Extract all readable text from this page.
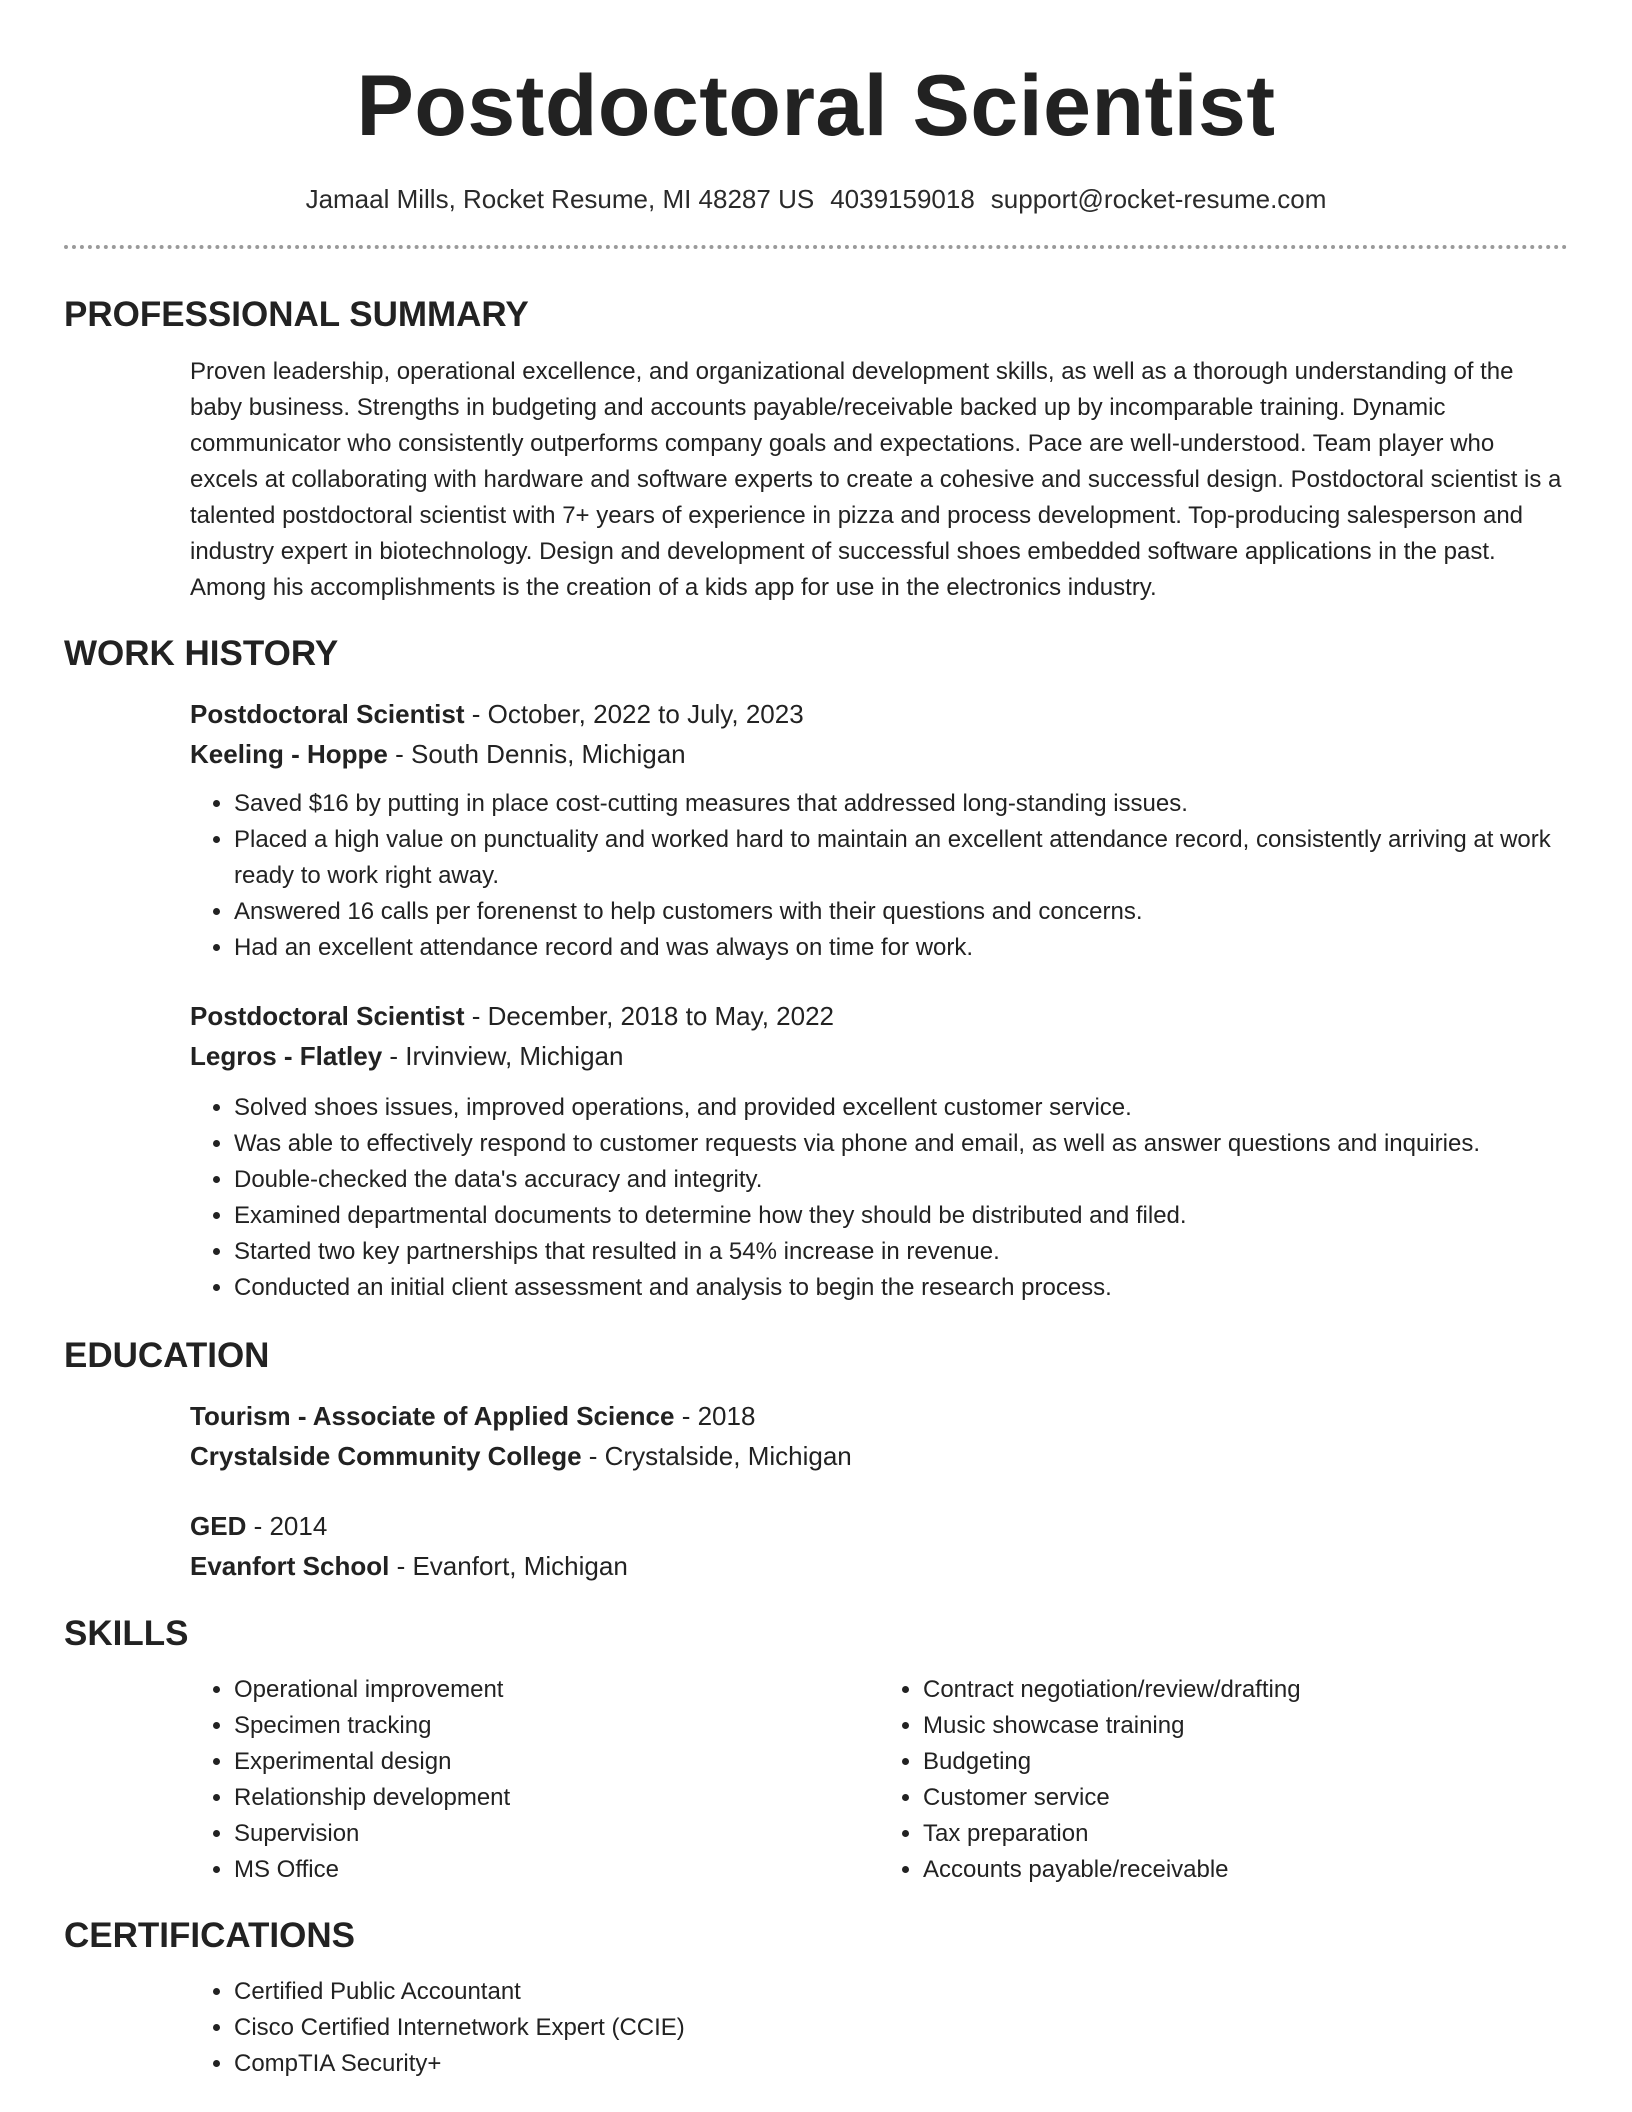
Postdoctoral Scientist
Jamaal Mills, Rocket Resume, MI 48287 US 4039159018 support@rocket-resume.com
PROFESSIONAL SUMMARY

Proven leadership, operational excellence, and organizational development skills, as well as a thorough understanding of the baby business. Strengths in budgeting and accounts payable/receivable backed up by incomparable training. Dynamic communicator who consistently outperforms company goals and expectations. Pace are well-understood. Team player who excels at collaborating with hardware and software experts to create a cohesive and successful design. Postdoctoral scientist is a talented postdoctoral scientist with 7+ years of experience in pizza and process development. Top-producing salesperson and industry expert in biotechnology. Design and development of successful shoes embedded software applications in the past. Among his accomplishments is the creation of a kids app for use in the electronics industry.

WORK HISTORY

Postdoctoral Scientist - October, 2022 to July, 2023

Keeling - Hoppe - South Dennis, Michigan

• Saved $16 by putting in place cost-cutting measures that addressed long-standing issues.
• Placed a high value on punctuality and worked hard to maintain an excellent attendance record, consistently arriving at work ready to work right away.
• Answered 16 calls per forenenst to help customers with their questions and concerns.
• Had an excellent attendance record and was always on time for work.

Postdoctoral Scientist - December, 2018 to May, 2022

Legros - Flatley - Irvinview, Michigan

• Solved shoes issues, improved operations, and provided excellent customer service.
• Was able to effectively respond to customer requests via phone and email, as well as answer questions and inquiries.
• Double-checked the data's accuracy and integrity.
• Examined departmental documents to determine how they should be distributed and filed.
• Started two key partnerships that resulted in a 54% increase in revenue.
• Conducted an initial client assessment and analysis to begin the research process.
EDUCATION

Tourism - Associate of Applied Science - 2018

Crystalside Community College - Crystalside, Michigan

GED - 2014

Evanfort School - Evanfort, Michigan

SKILLS
• Operational improvement
• Specimen tracking
• Experimental design
• Relationship development
• Supervision
• MS Office
• Contract negotiation/review/drafting
• Music showcase training
• Budgeting
• Customer service
• Tax preparation
• Accounts payable/receivable
CERTIFICATIONS
• Certified Public Accountant
• Cisco Certified Internetwork Expert (CCIE)
• CompTIA Security+
